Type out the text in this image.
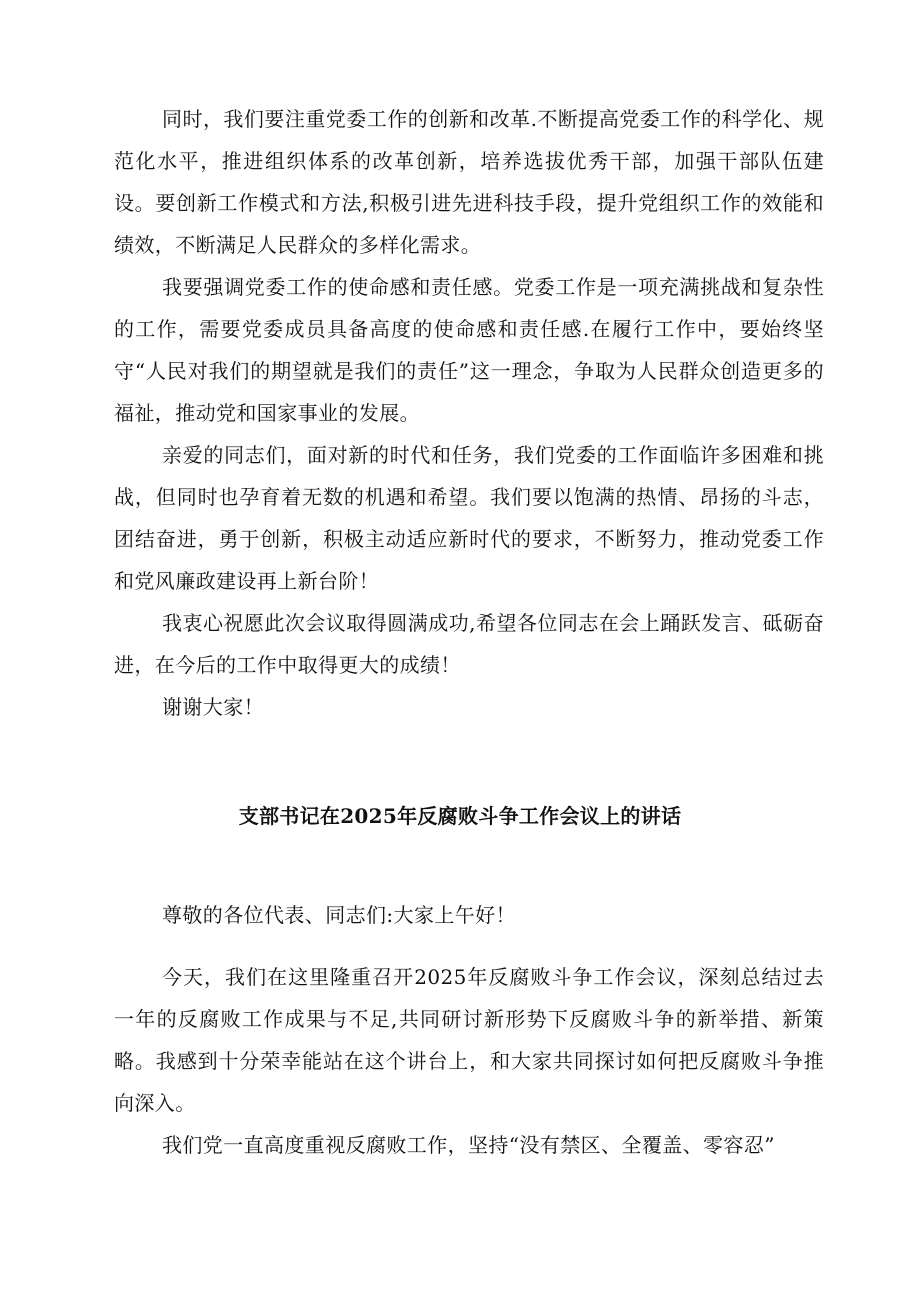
同时，我们要注重党委工作的创新和改革.不断提高党委工作的科学化、规范化水平，推进组织体系的改革创新，培养选拔优秀干部，加强干部队伍建设。要创新工作模式和方法,积极引进先进科技手段，提升党组织工作的效能和绩效，不断满足人民群众的多样化需求。

我要强调党委工作的使命感和责任感。党委工作是一项充满挑战和复杂性的工作，需要党委成员具备高度的使命感和责任感.在履行工作中，要始终坚守“人民对我们的期望就是我们的责任”这一理念，争取为人民群众创造更多的福祉，推动党和国家事业的发展。

亲爱的同志们，面对新的时代和任务，我们党委的工作面临许多困难和挑战，但同时也孕育着无数的机遇和希望。我们要以饱满的热情、昂扬的斗志，团结奋进，勇于创新，积极主动适应新时代的要求，不断努力，推动党委工作和党风廉政建设再上新台阶！

我衷心祝愿此次会议取得圆满成功,希望各位同志在会上踊跃发言、砥砺奋进，在今后的工作中取得更大的成绩！

谢谢大家！

支部书记在2025年反腐败斗争工作会议上的讲话

尊敬的各位代表、同志们:大家上午好！

今天，我们在这里隆重召开2025年反腐败斗争工作会议，深刻总结过去一年的反腐败工作成果与不足,共同研讨新形势下反腐败斗争的新举措、新策略。我感到十分荣幸能站在这个讲台上，和大家共同探讨如何把反腐败斗争推向深入。

我们党一直高度重视反腐败工作，坚持“没有禁区、全覆盖、零容忍”
